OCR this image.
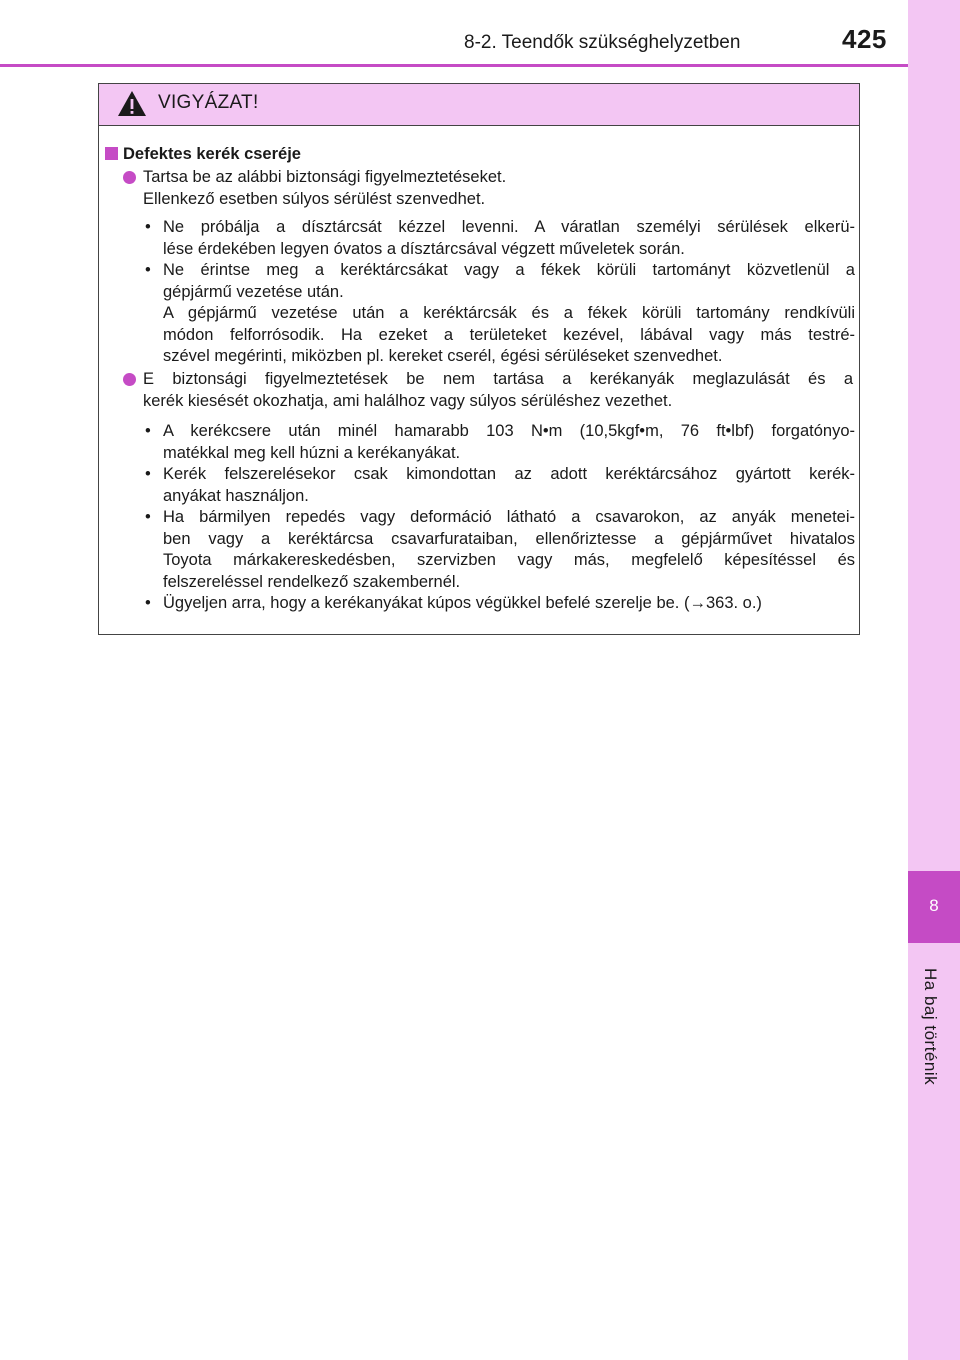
8
Ha baj történik
8-2. Teendők szükséghelyzetben	425
VIGYÁZAT!
Defektes kerék cseréje
Tartsa be az alábbi biztonsági figyelmeztetéseket.
Ellenkező esetben súlyos sérülést szenvedhet.
• Ne próbálja a dísztárcsát kézzel levenni. A váratlan személyi sérülések elkerü-
lése érdekében legyen óvatos a dísztárcsával végzett műveletek során.
• Ne érintse meg a keréktárcsákat vagy a fékek körüli tartományt közvetlenül a
gépjármű vezetése után.
A gépjármű vezetése után a keréktárcsák és a fékek körüli tartomány rendkívüli
módon felforrósodik. Ha ezeket a területeket kezével, lábával vagy más testré-
szével megérinti, miközben pl. kereket cserél, égési sérüléseket szenvedhet.
E biztonsági figyelmeztetések be nem tartása a kerékanyák meglazulását és a
kerék kiesését okozhatja, ami halálhoz vagy súlyos sérüléshez vezethet.
• A kerékcsere után minél hamarabb 103 N•m (10,5kgf•m, 76 ft•lbf) forgatónyo-
matékkal meg kell húzni a kerékanyákat.
• Kerék felszerelésekor csak kimondottan az adott keréktárcsához gyártott kerék-
anyákat használjon.
• Ha bármilyen repedés vagy deformáció látható a csavarokon, az anyák menetei-
ben vagy a keréktárcsa csavarfurataiban, ellenőriztesse a gépjárművet hivatalos
Toyota márkakereskedésben, szervizben vagy más, megfelelő képesítéssel és
felszereléssel rendelkező szakembernél.
• Ügyeljen arra, hogy a kerékanyákat kúpos végükkel befelé szerelje be. (→363. o.)
